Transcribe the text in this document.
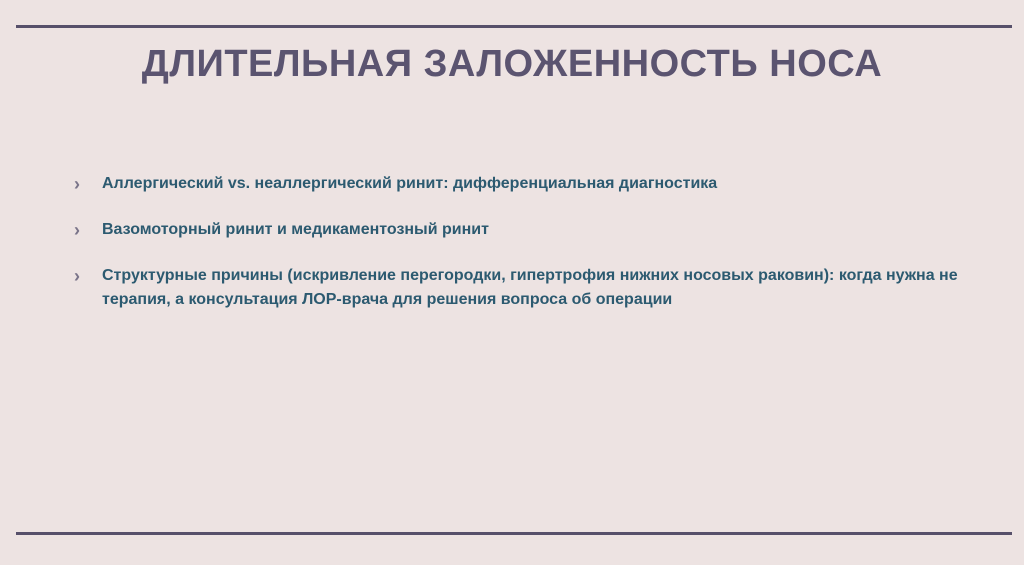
ДЛИТЕЛЬНАЯ ЗАЛОЖЕННОСТЬ НОСА
›	Аллергический vs. неаллергический ринит: дифференциальная диагностика
›	Вазомоторный ринит и медикаментозный ринит
›	Структурные причины (искривление перегородки, гипертрофия нижних носовых раковин): когда нужна не терапия, а консультация ЛОР-врача для решения вопроса об операции
